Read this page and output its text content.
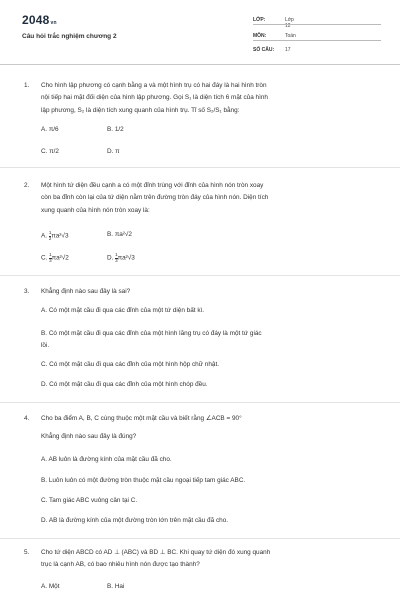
2048vn
Câu hỏi trắc nghiệm chương 2
LỚP:	Lớp 12
MÔN:	Toán
SỐ CÂU:	17
1. Cho hình lập phương có cạnh bằng a và một hình trụ có hai đáy là hai hình tròn
nội tiếp hai mặt đối diện của hình lập phương. Gọi S₁ là diện tích 6 mặt của hình
lập phương, S₂ là diện tích xung quanh của hình trụ. Tỉ số S₂/S₁ bằng:
A. π/6	B. 1/2
C. π/2	D. π
2. Một hình tứ diện đều cạnh a có một đỉnh trùng với đỉnh của hình nón tròn xoay
còn ba đỉnh còn lại của tứ diện nằm trên đường tròn đáy của hình nón. Diện tích
xung quanh của hình nón tròn xoay là:
A. $\frac{1}{2} \pi a^2√3$	B. πa²√2
C. $\frac{1}{3} \pi a^2√2$	D. $\frac{1}{3} \pi a^2√3$
3. Khẳng định nào sau đây là sai?
A. Có một mặt cầu đi qua các đỉnh của một tứ diện bất kì.
B. Có một mặt cầu đi qua các đỉnh của một hình lăng trụ có đáy là một tứ giác
lồi.
C. Có một mặt cầu đi qua các đỉnh của một hình hộp chữ nhật.
D. Có một mặt cầu đi qua các đỉnh của một hình chóp đều.
4. Cho ba điểm A, B, C cùng thuộc một mặt cầu và biết rằng ∠ACB = 90°
Khẳng định nào sau đây là đúng?
A. AB luôn là đường kính của mặt cầu đã cho.
B. Luôn luôn có một đường tròn thuộc mặt cầu ngoại tiếp tam giác ABC.
C. Tam giác ABC vuông cân tại C.
D. AB là đường kính của một đường tròn lớn trên mặt cầu đã cho.
5. Cho tứ diện ABCD có AD ⊥ (ABC) và BD ⊥ BC. Khi quay tứ diện đó xung quanh
trục là cạnh AB, có bao nhiêu hình nón được tạo thành?
A. Một	B. Hai
